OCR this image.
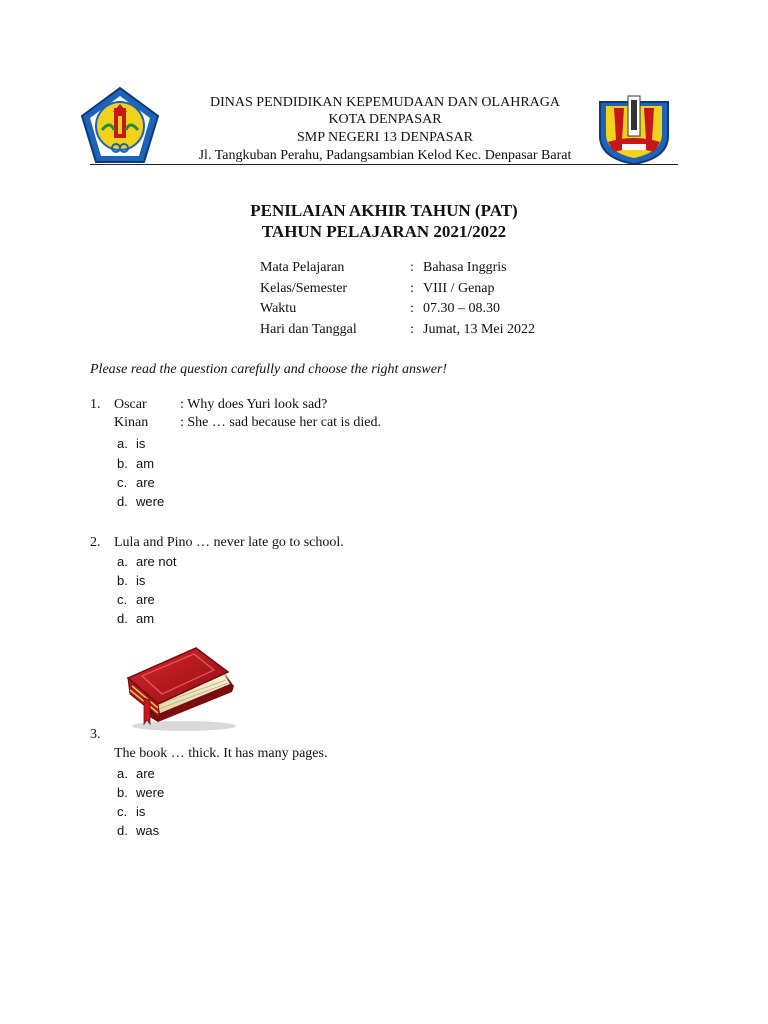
DINAS PENDIDIKAN KEPEMUDAAN DAN OLAHRAGA
KOTA DENPASAR
SMP NEGERI 13 DENPASAR
Jl. Tangkuban Perahu, Padangsambian Kelod Kec. Denpasar Barat
PENILAIAN AKHIR TAHUN (PAT)
TAHUN PELAJARAN 2021/2022
Mata Pelajaran	: Bahasa Inggris
Kelas/Semester	: VIII / Genap
Waktu	: 07.30 – 08.30
Hari dan Tanggal	: Jumat, 13 Mei 2022
Please read the question carefully and choose the right answer!
1. Oscar : Why does Yuri look sad?
Kinan : She … sad because her cat is died.
a. is
b. am
c. are
d. were
2. Lula and Pino … never late go to school.
a. are not
b. is
c. are
d. am
3.
The book … thick. It has many pages.
a. are
b. were
c. is
d. was
